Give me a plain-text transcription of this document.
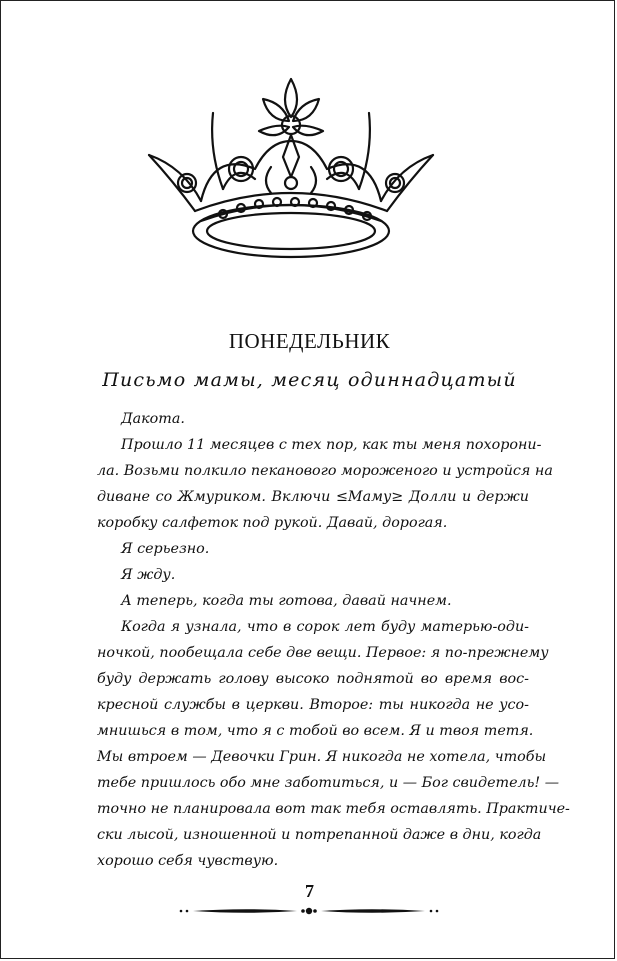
ПОНЕДЕЛЬНИК
Письмо мамы, месяц одиннадцатый
Дакота.
Прошло 11 месяцев с тех пор, как ты меня похорони-
ла. Возьми полкило пеканового мороженого и устройся на
диване со Жмуриком. Включи ≤Маму≥ Долли и держи
коробку салфеток под рукой. Давай, дорогая.
Я серьезно.
Я жду.
А теперь, когда ты готова, давай начнем.
Когда я узнала, что в сорок лет буду матерью-оди-
ночкой, пообещала себе две вещи. Первое: я по-прежнему
буду держать голову высоко поднятой во время вос-
кресной службы в церкви. Второе: ты никогда не усо-
мнишься в том, что я с тобой во всем. Я и твоя тетя.
Мы втроем — Девочки Грин. Я никогда не хотела, чтобы
тебе пришлось обо мне заботиться, и — Бог свидетель! —
точно не планировала вот так тебя оставлять. Практиче-
ски лысой, изношенной и потрепанной даже в дни, когда
хорошо себя чувствую.
7
